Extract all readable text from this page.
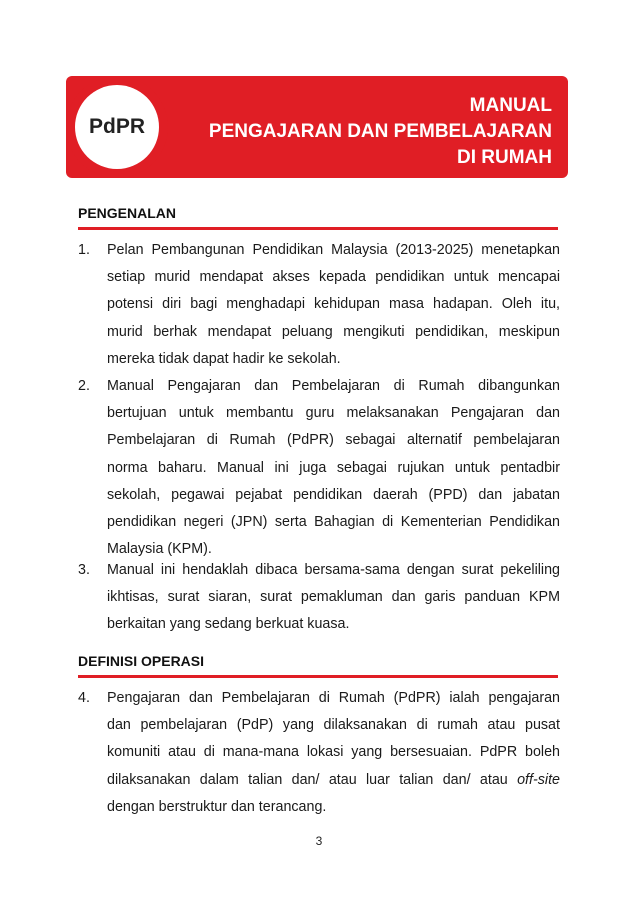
PdPR
MANUAL
PENGAJARAN DAN PEMBELAJARAN
DI RUMAH
PENGENALAN
1. Pelan Pembangunan Pendidikan Malaysia (2013-2025) menetapkan
setiap murid mendapat akses kepada pendidikan untuk mencapai
potensi diri bagi menghadapi kehidupan masa hadapan. Oleh itu,
murid berhak mendapat peluang mengikuti pendidikan, meskipun
mereka tidak dapat hadir ke sekolah.
2. Manual Pengajaran dan Pembelajaran di Rumah dibangunkan
bertujuan untuk membantu guru melaksanakan Pengajaran dan
Pembelajaran di Rumah (PdPR) sebagai alternatif pembelajaran
norma baharu. Manual ini juga sebagai rujukan untuk pentadbir
sekolah, pegawai pejabat pendidikan daerah (PPD) dan jabatan
pendidikan negeri (JPN) serta Bahagian di Kementerian Pendidikan
Malaysia (KPM).
3. Manual ini hendaklah dibaca bersama-sama dengan surat pekeliling
ikhtisas, surat siaran, surat pemakluman dan garis panduan KPM
berkaitan yang sedang berkuat kuasa.
DEFINISI OPERASI
4. Pengajaran dan Pembelajaran di Rumah (PdPR) ialah pengajaran
dan pembelajaran (PdP) yang dilaksanakan di rumah atau pusat
komuniti atau di mana-mana lokasi yang bersesuaian. PdPR boleh
dilaksanakan dalam talian dan/ atau luar talian dan/ atau off-site
dengan berstruktur dan terancang.
3
